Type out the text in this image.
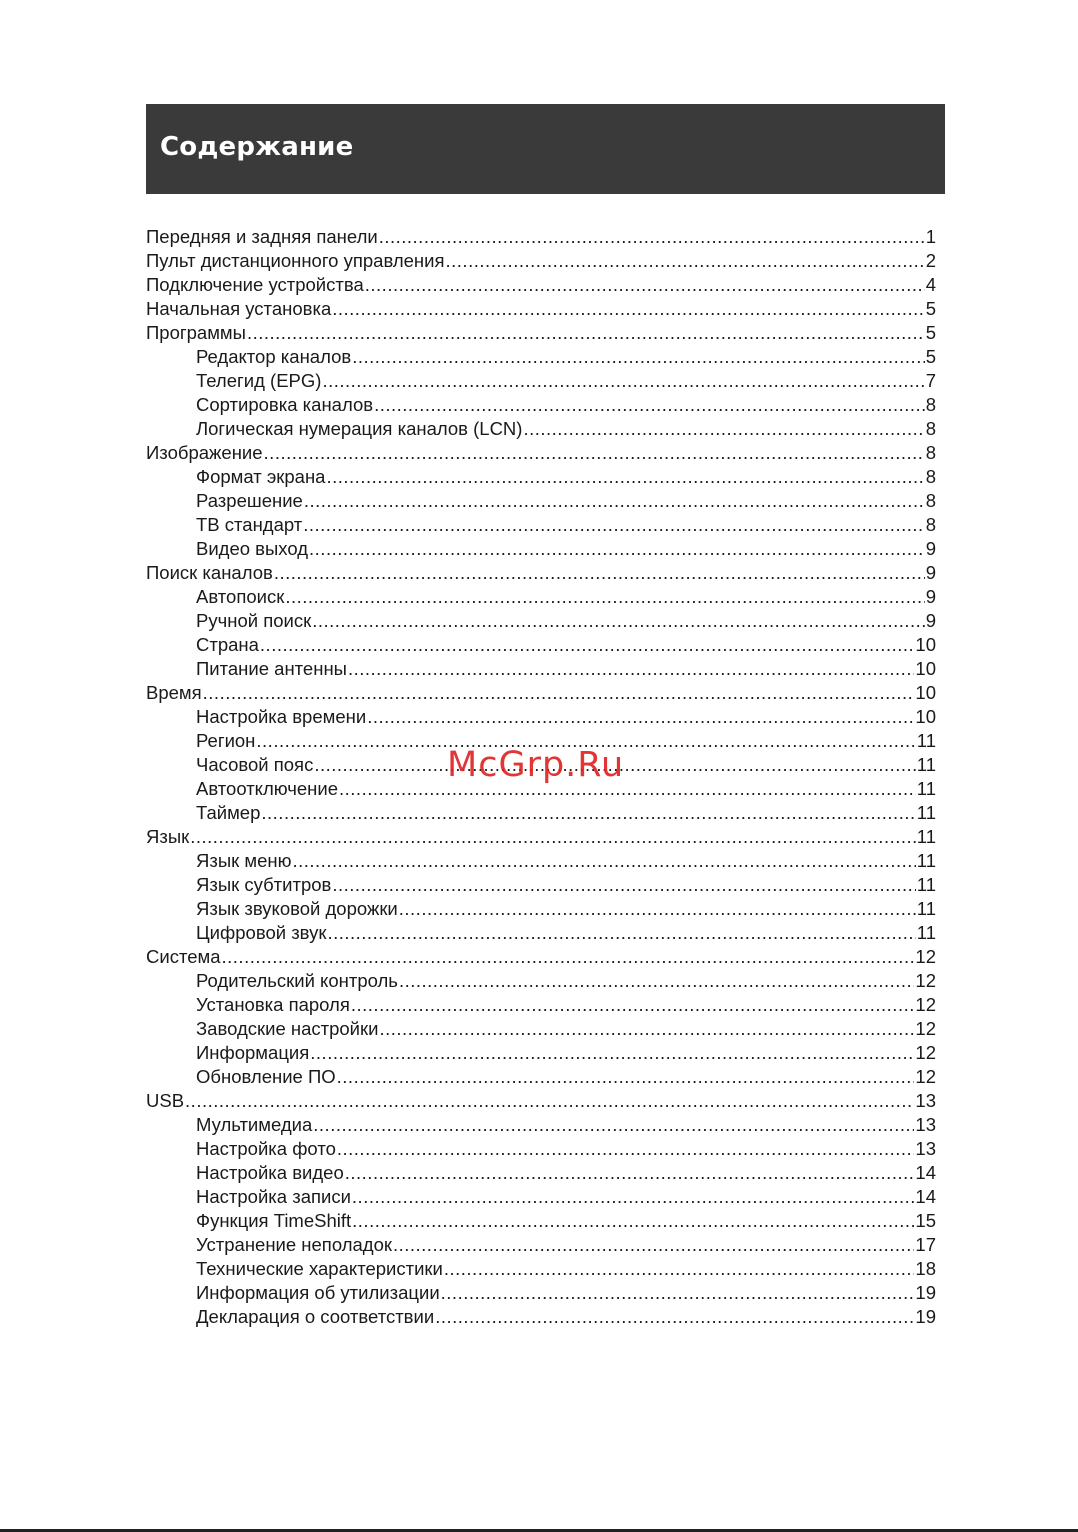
Содержание
Передняя и задняя панели .....	1
Пульт дистанционного управления .....	2
Подключение устройства .....	4
Начальная установка .....	5
Программы .....	5
Редактор каналов .....	5
Телегид (EPG) .....	7
Сортировка каналов .....	8
Логическая нумерация каналов (LCN) .....	8
Изображение .....	8
Формат экрана .....	8
Разрешение .....	8
ТВ стандарт .....	8
Видео выход .....	9
Поиск каналов .....	9
Автопоиск .....	9
Ручной поиск .....	9
Страна .....	10
Питание антенны .....	10
Время .....	10
Настройка времени .....	10
Регион .....	11
Часовой пояс .....	11
Автоотключение .....	11
Таймер .....	11
Язык .....	11
Язык меню .....	11
Язык субтитров .....	11
Язык звуковой дорожки .....	11
Цифровой звук .....	11
Система .....	12
Родительский контроль .....	12
Установка пароля .....	12
Заводские настройки .....	12
Информация .....	12
Обновление ПО .....	12
USB .....	13
Мультимедиа .....	13
Настройка фото .....	13
Настройка видео .....	14
Настройка записи .....	14
Функция TimeShift .....	15
Устранение неполадок .....	17
Технические характеристики .....	18
Информация об утилизации .....	19
Декларация о соответствии .....	19
McGrp.Ru
